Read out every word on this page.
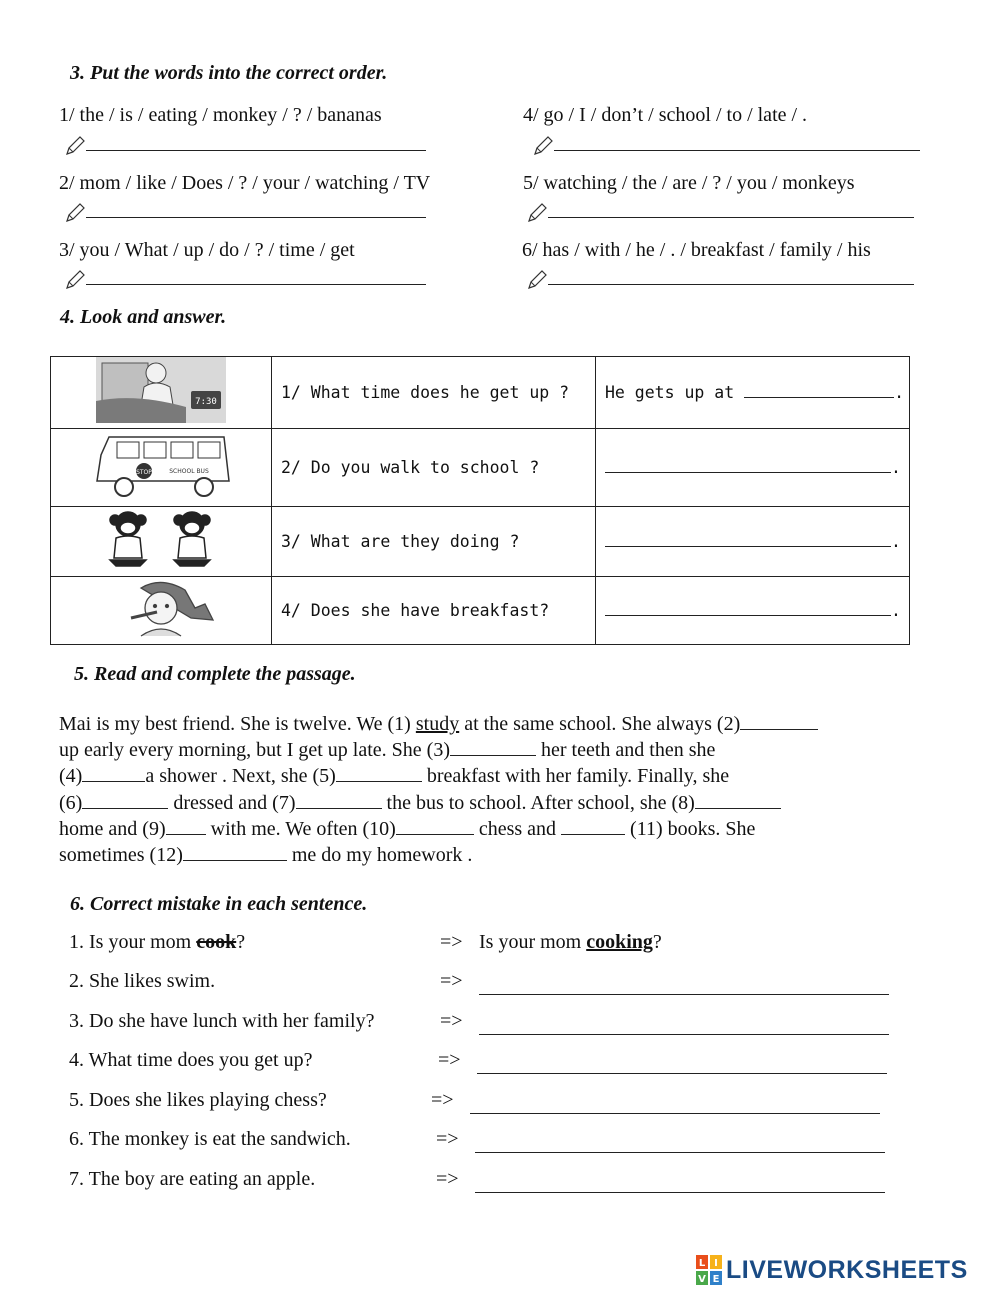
3. Put the words into the correct order.
1/ the / is / eating / monkey / ? / bananas	4/ go / I / don’t / school / to / late / .
2/ mom / like / Does / ? / your / watching / TV	5/ watching / the / are / ? / you / monkeys
3/ you / What / up / do / ? / time / get	6/ has / with / he / . / breakfast / family / his
4. Look and answer.
7:30	1/ What time does he get up ?	He gets up at .

STOP SCHOOL BUS	2/ Do you walk to school ?	.
	3/ What are they doing ?	.
	4/ Does she have breakfast?	.
5. Read and complete the passage.

Mai is my best friend. She is twelve. We (1) study at the same school. She always (2)

up early every morning, but I get up late. She (3)	her teeth and then she

(4)	a shower . Next, she (5)	breakfast with her family. Finally, she

(6)	dressed and (7)	the bus to school. After school, she (8)

home and (9) with me. We often (10)	chess and	(11) books. She

sometimes (12)	me do my homework .

6. Correct mistake in each sentence.
1. Is your mom cook?	=> Is your mom cooking?
2. She likes swim.	=>
3. Do she have lunch with her family?	=>
4. What time does you get up?	=>
5. Does she likes playing chess?	=>
6. The monkey is eat the sandwich.	=>
7. The boy are eating an apple.	=>
L I
V E LIVEWORKSHEETS
